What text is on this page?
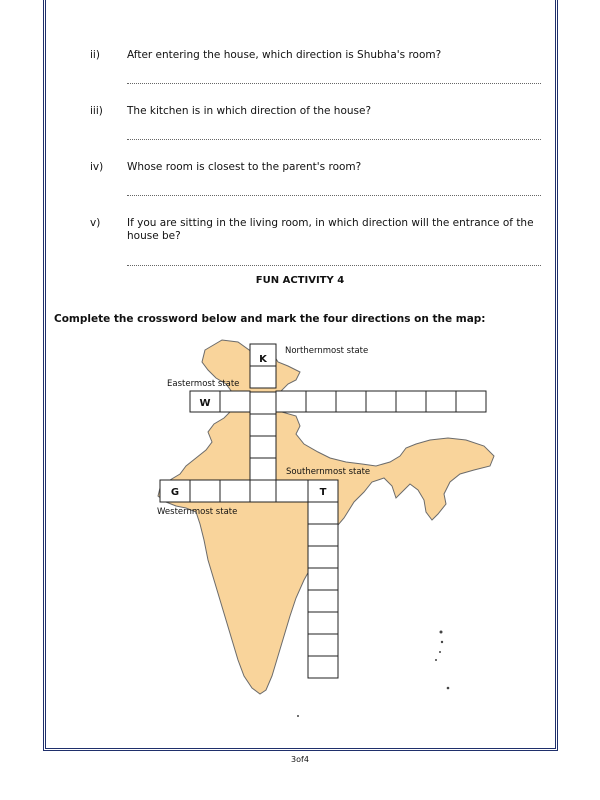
ii)	After entering the house, which direction is Shubha's room?
iii) The kitchen is in which direction of the house?
iv) Whose room is closest to the parent's room?
v)	If you are sitting in the living room, in which direction will the entrance of the house be?
FUN ACTIVITY 4
Complete the crossword below and mark the four directions on the map:
K
W
G	T
Northernmost state
Eastermost state
Southernmost state
Westernmost state
3of4
